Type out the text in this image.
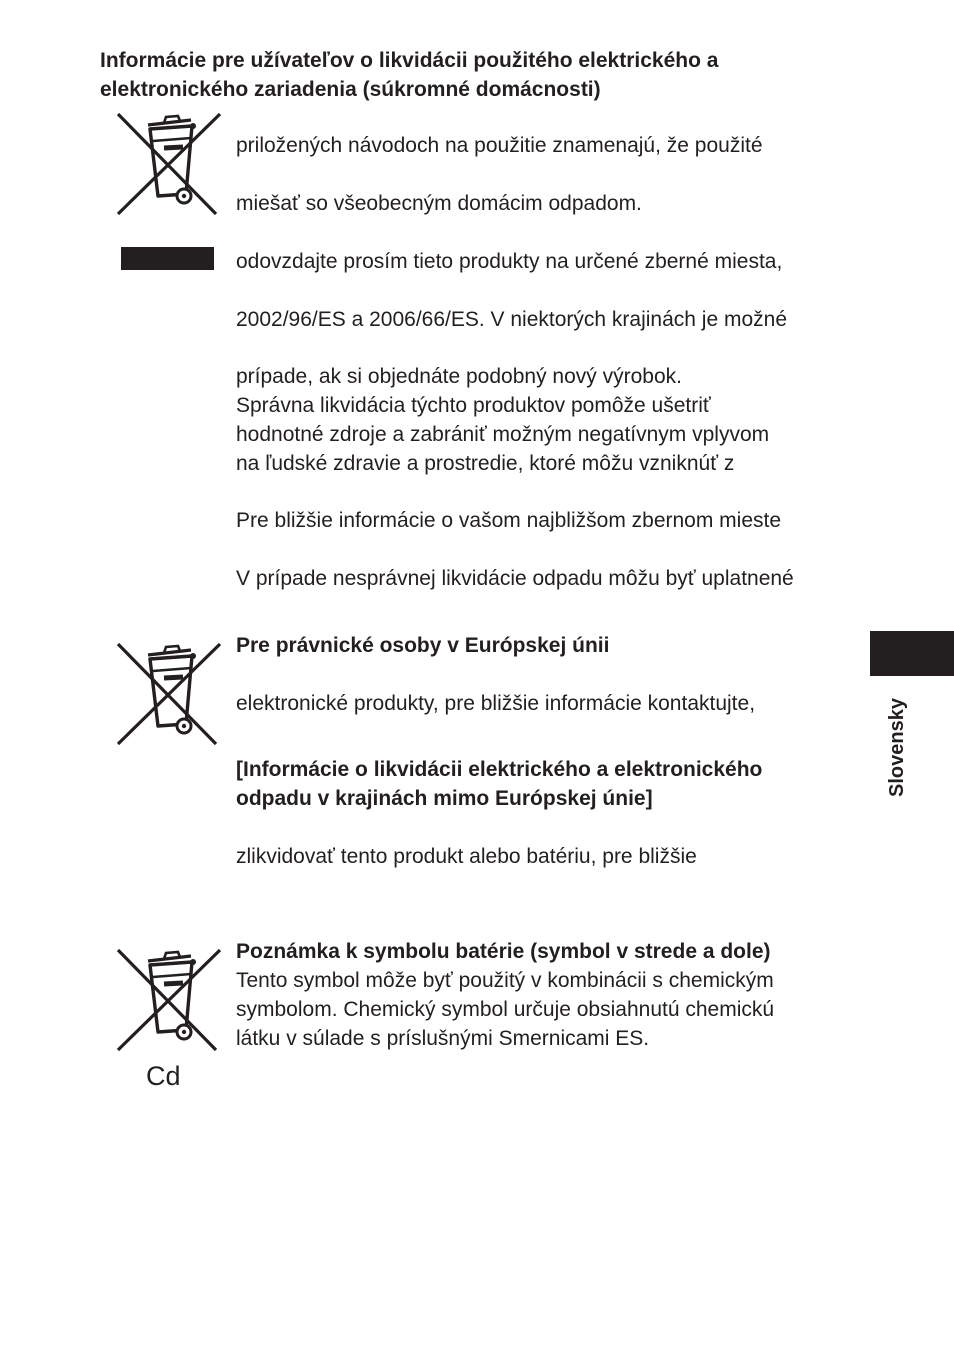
Informácie pre užívateľov o likvidácii použitého elektrického a elektronického zariadenia (súkromné domácnosti)
priložených návodoch na použitie znamenajú, že použité
miešať so všeobecným domácim odpadom.
odovzdajte prosím tieto produkty na určené zberné miesta,
2002/96/ES a 2006/66/ES. V niektorých krajinách je možné
prípade, ak si objednáte podobný nový výrobok.
Správna likvidácia týchto produktov pomôže ušetriť
hodnotné zdroje a zabrániť možným negatívnym vplyvom
na ľudské zdravie a prostredie, ktoré môžu vzniknúť z
Pre bližšie informácie o vašom najbližšom zbernom mieste
V prípade nesprávnej likvidácie odpadu môžu byť uplatnené
Pre právnické osoby v Európskej únii
elektronické produkty, pre bližšie informácie kontaktujte,
[Informácie o likvidácii elektrického a elektronického
odpadu v krajinách mimo Európskej únie]
zlikvidovať tento produkt alebo batériu, pre bližšie
Cd
Poznámka k symbolu batérie (symbol v strede a dole)
Tento symbol môže byť použitý v kombinácii s chemickým
symbolom. Chemický symbol určuje obsiahnutú chemickú
látku v súlade s príslušnými Smernicami ES.
Slovensky
